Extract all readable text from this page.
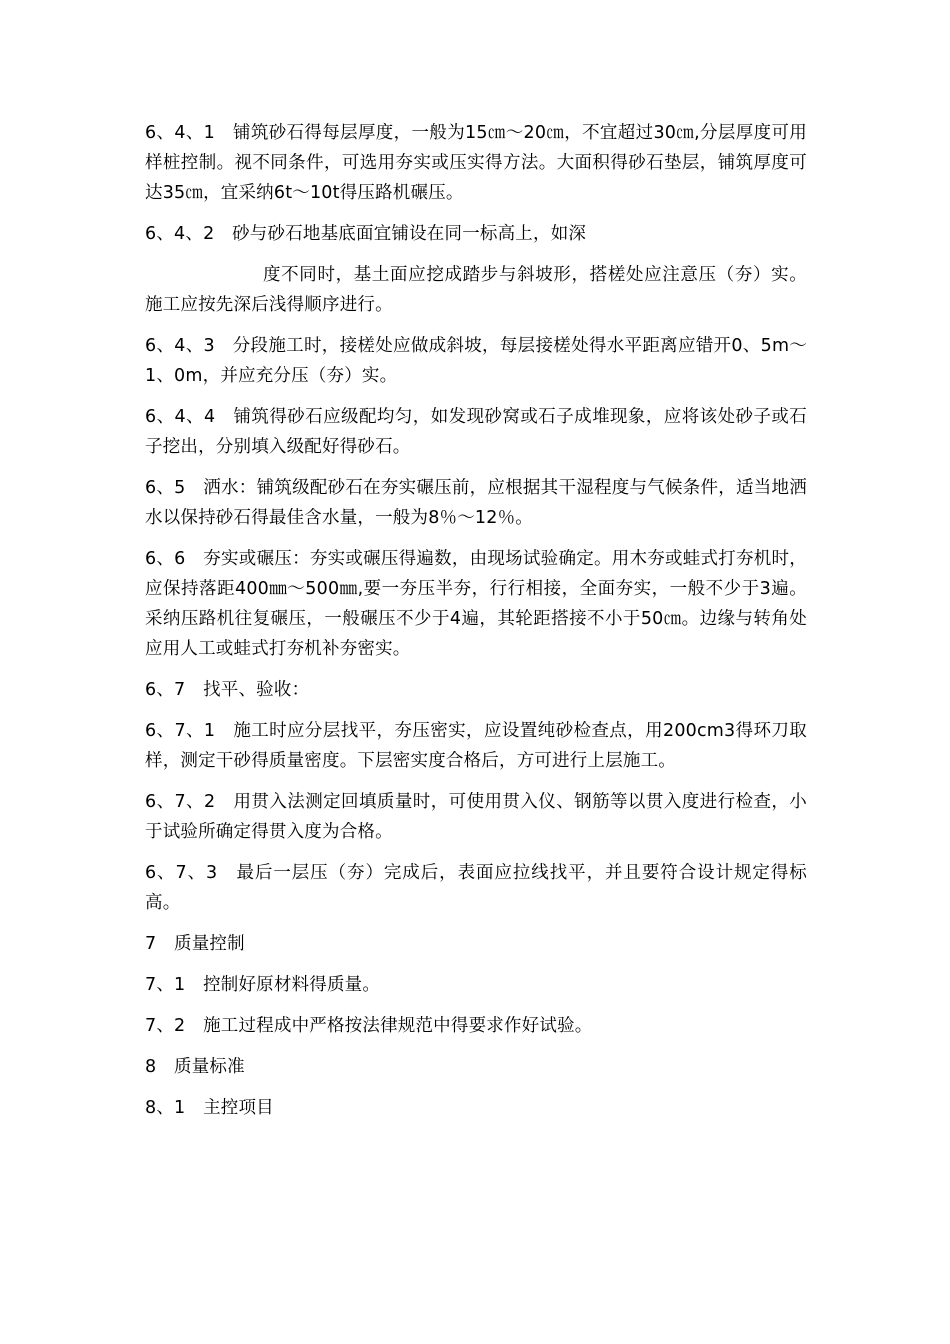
6、4、1　铺筑砂石得每层厚度，一般为15㎝～20㎝，不宜超过30㎝,分层厚度可用样桩控制。视不同条件，可选用夯实或压实得方法。大面积得砂石垫层，铺筑厚度可达35㎝，宜采纳6t～10t得压路机碾压。

6、4、2　砂与砂石地基底面宜铺设在同一标高上，如深

度不同时，基土面应挖成踏步与斜坡形，搭槎处应注意压（夯）实。施工应按先深后浅得顺序进行。

6、4、3　分段施工时，接槎处应做成斜坡，每层接槎处得水平距离应错开0、5m～1、0m，并应充分压（夯）实。

6、4、4　铺筑得砂石应级配均匀，如发现砂窝或石子成堆现象，应将该处砂子或石子挖出，分别填入级配好得砂石。

6、5　洒水：铺筑级配砂石在夯实碾压前，应根据其干湿程度与气候条件，适当地洒水以保持砂石得最佳含水量，一般为8％～12％。

6、6　夯实或碾压：夯实或碾压得遍数，由现场试验确定。用木夯或蛙式打夯机时，应保持落距400㎜～500㎜,要一夯压半夯，行行相接，全面夯实，一般不少于3遍。采纳压路机往复碾压，一般碾压不少于4遍，其轮距搭接不小于50㎝。边缘与转角处应用人工或蛙式打夯机补夯密实。

6、7　找平、验收：

6、7、1　施工时应分层找平，夯压密实，应设置纯砂检查点，用200cm3得环刀取样，测定干砂得质量密度。下层密实度合格后，方可进行上层施工。

6、7、2　用贯入法测定回填质量时，可使用贯入仪、钢筋等以贯入度进行检查，小于试验所确定得贯入度为合格。

6、7、3　最后一层压（夯）完成后，表面应拉线找平，并且要符合设计规定得标高。

7　质量控制

7、1　控制好原材料得质量。

7、2　施工过程成中严格按法律规范中得要求作好试验。

8　质量标准

8、1　主控项目
